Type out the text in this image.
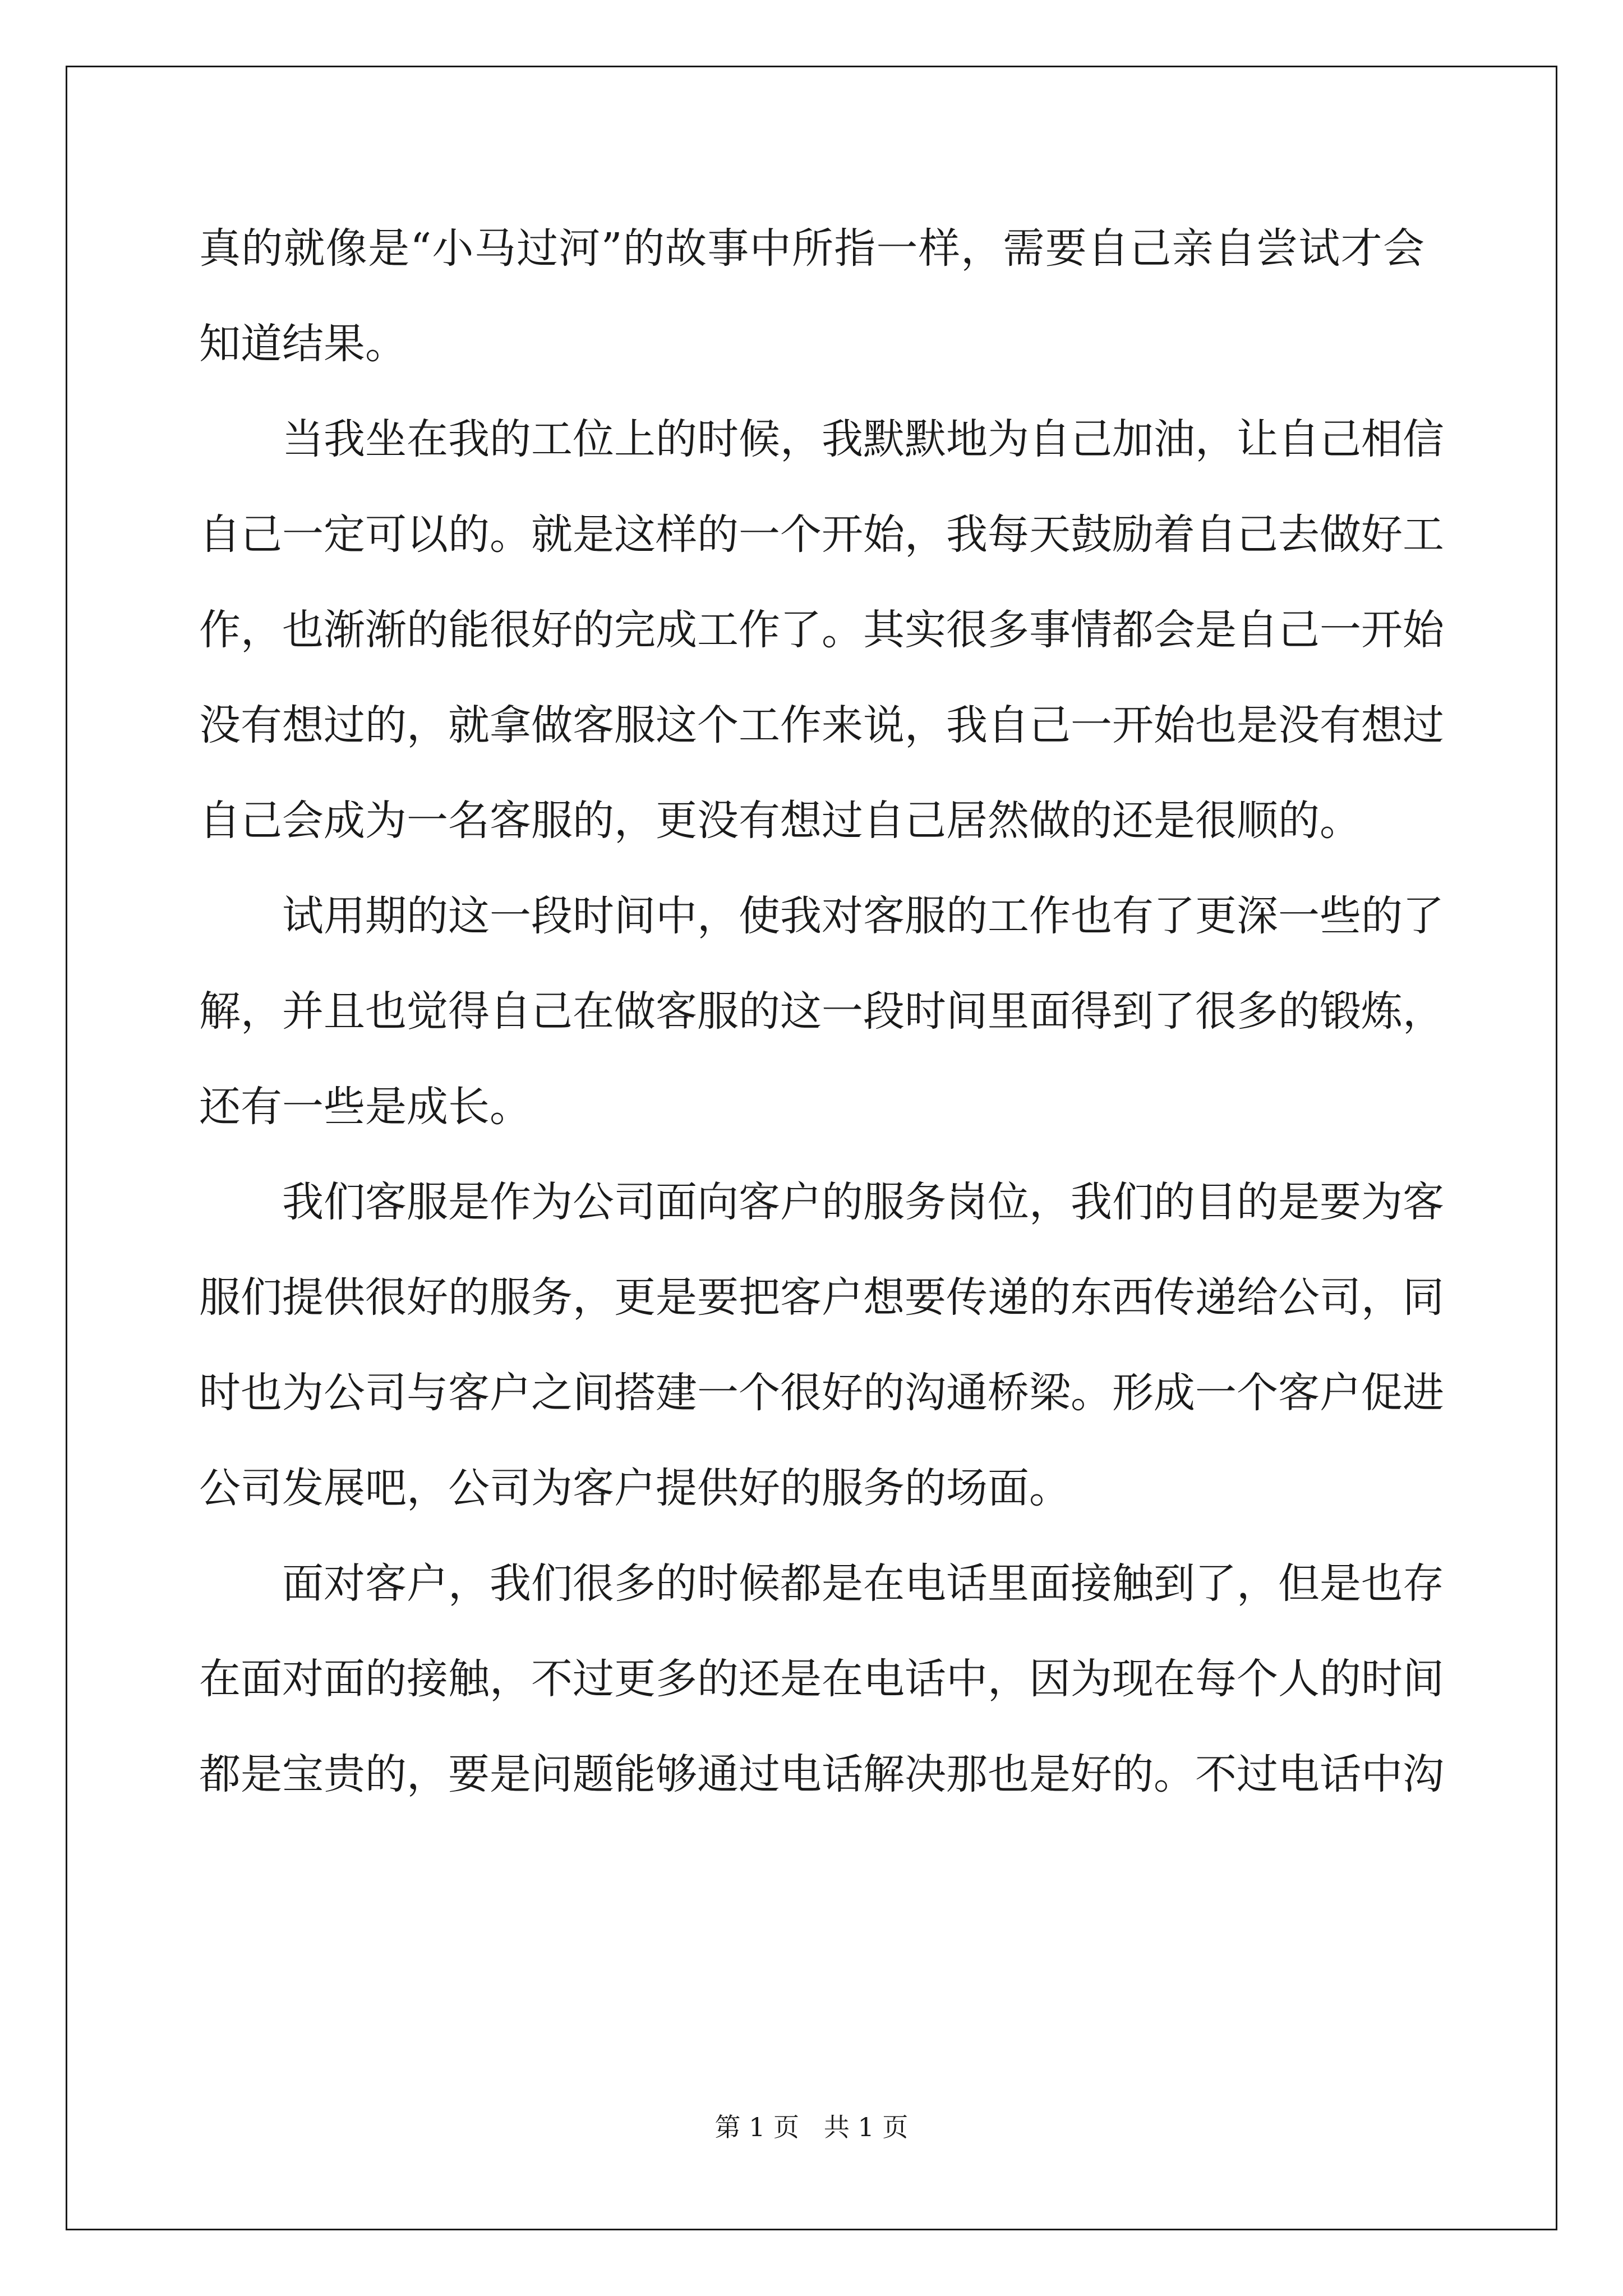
真的就像是“小马过河”的故事中所指一样，需要自己亲自尝试才会
知道结果。
当我坐在我的工位上的时候，我默默地为自己加油，让自己相信
自己一定可以的。就是这样的一个开始，我每天鼓励着自己去做好工
作，也渐渐的能很好的完成工作了。其实很多事情都会是自己一开始
没有想过的，就拿做客服这个工作来说，我自己一开始也是没有想过
自己会成为一名客服的，更没有想过自己居然做的还是很顺的。
试用期的这一段时间中，使我对客服的工作也有了更深一些的了
解，并且也觉得自己在做客服的这一段时间里面得到了很多的锻炼，
还有一些是成长。
我们客服是作为公司面向客户的服务岗位，我们的目的是要为客
服们提供很好的服务，更是要把客户想要传递的东西传递给公司，同
时也为公司与客户之间搭建一个很好的沟通桥梁。形成一个客户促进
公司发展吧，公司为客户提供好的服务的场面。
面对客户，我们很多的时候都是在电话里面接触到了，但是也存
在面对面的接触，不过更多的还是在电话中，因为现在每个人的时间
都是宝贵的，要是问题能够通过电话解决那也是好的。不过电话中沟
第 1 页   共 1 页
